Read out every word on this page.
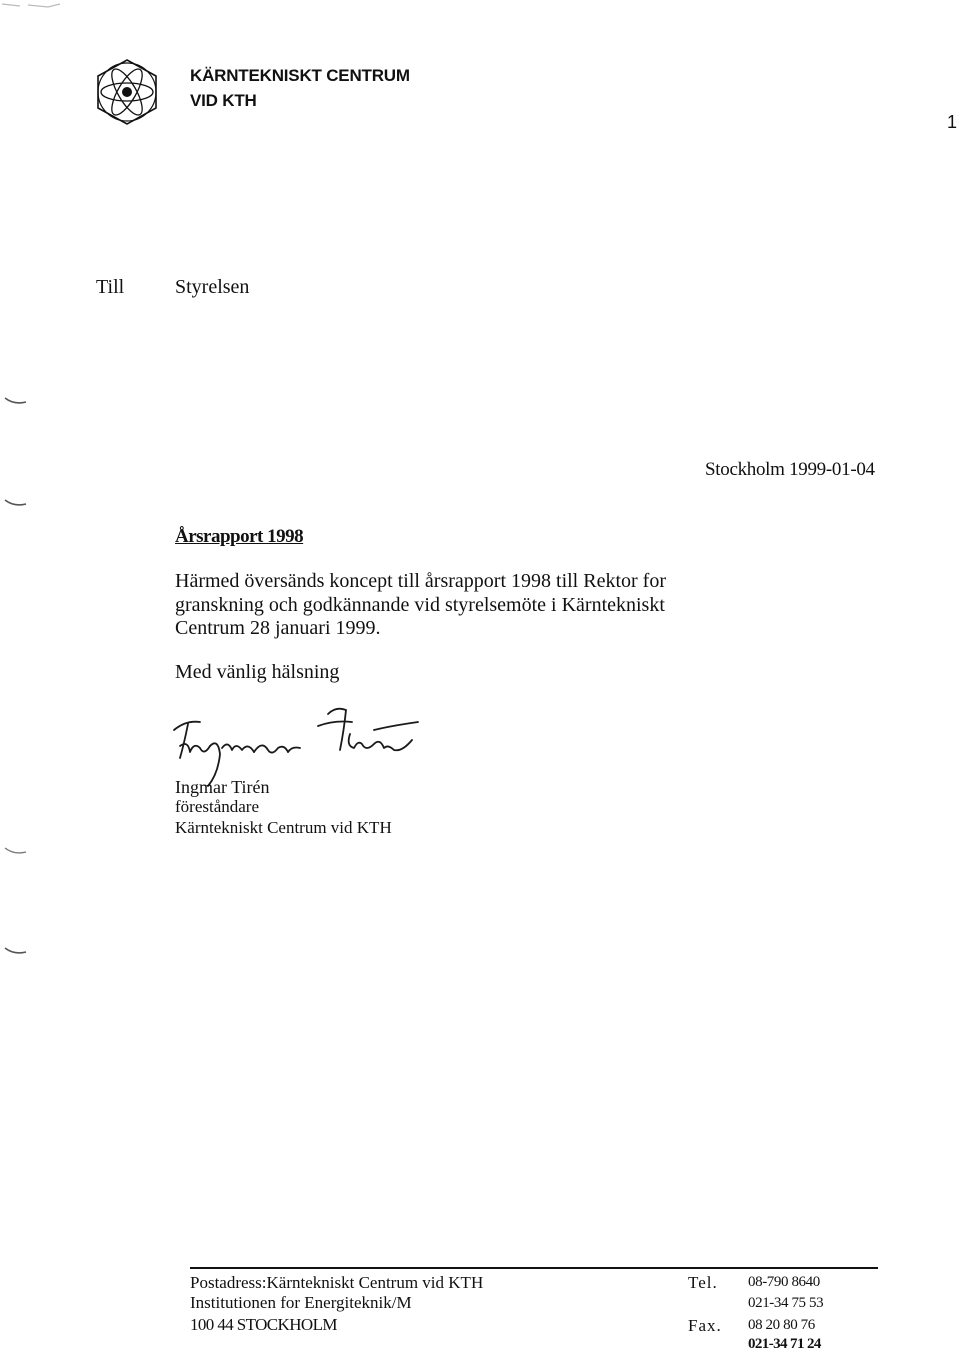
KÄRNTEKNISKT CENTRUM
VID KTH
1
Till	Styrelsen
Stockholm 1999-01-04
Årsrapport 1998
Härmed översänds koncept till årsrapport 1998 till Rektor for
granskning och godkännande vid styrelsemöte i Kärntekniskt
Centrum 28 januari 1999.
Med vänlig hälsning
Ingmar Tirén
föreståndare
Kärntekniskt Centrum vid KTH
Postadress:Kärntekniskt Centrum vid KTH
Institutionen for Energiteknik/M
100 44 STOCKHOLM
Tel. 08-790 8640
021-34 75 53
Fax. 08 20 80 76
021-34 71 24
